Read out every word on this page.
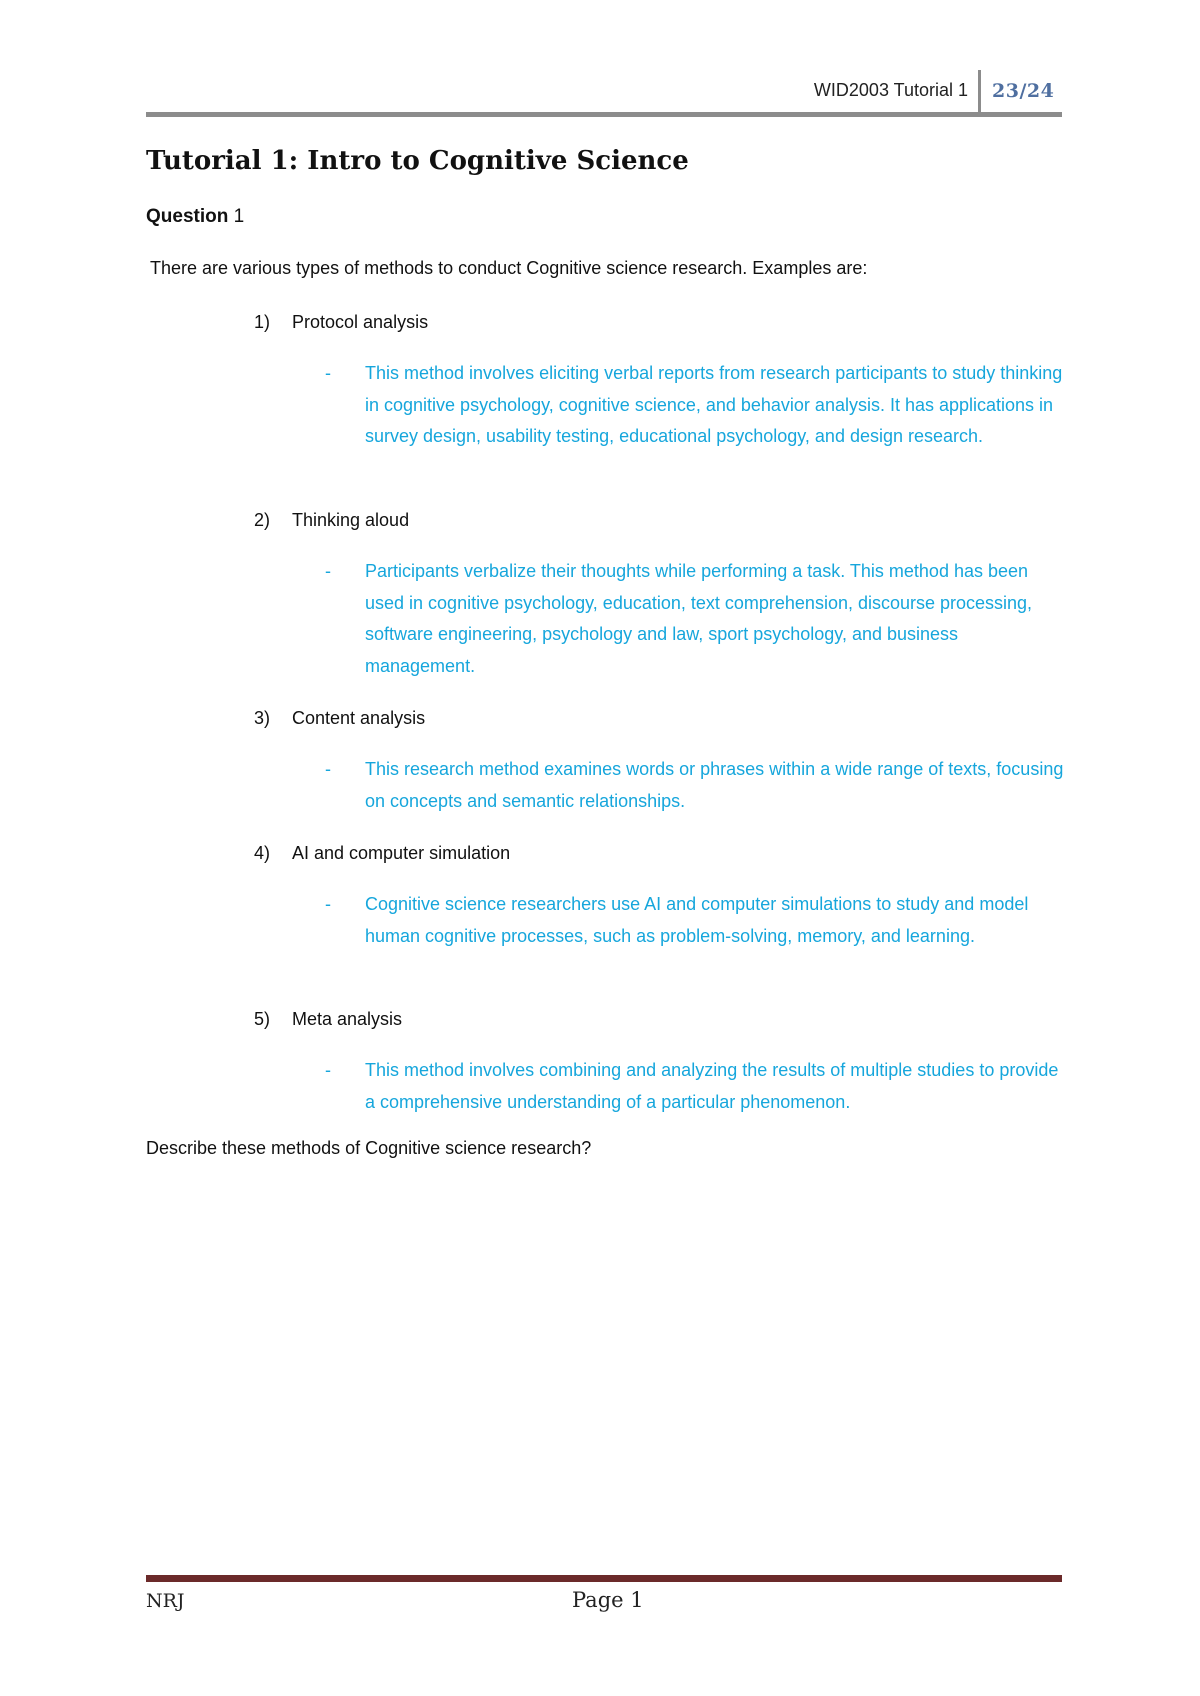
WID2003 Tutorial 1 23/24
Tutorial 1: Intro to Cognitive Science
Question 1
There are various types of methods to conduct Cognitive science research. Examples are:
1) Protocol analysis
- This method involves eliciting verbal reports from research participants to study thinking in cognitive psychology, cognitive science, and behavior analysis. It has applications in survey design, usability testing, educational psychology, and design research.
2) Thinking aloud
- Participants verbalize their thoughts while performing a task. This method has been used in cognitive psychology, education, text comprehension, discourse processing, software engineering, psychology and law, sport psychology, and business management.
3) Content analysis
- This research method examines words or phrases within a wide range of texts, focusing on concepts and semantic relationships.
4) AI and computer simulation
- Cognitive science researchers use AI and computer simulations to study and model human cognitive processes, such as problem-solving, memory, and learning.
5) Meta analysis
- This method involves combining and analyzing the results of multiple studies to provide a comprehensive understanding of a particular phenomenon.
Describe these methods of Cognitive science research?
NRJ	Page 1
